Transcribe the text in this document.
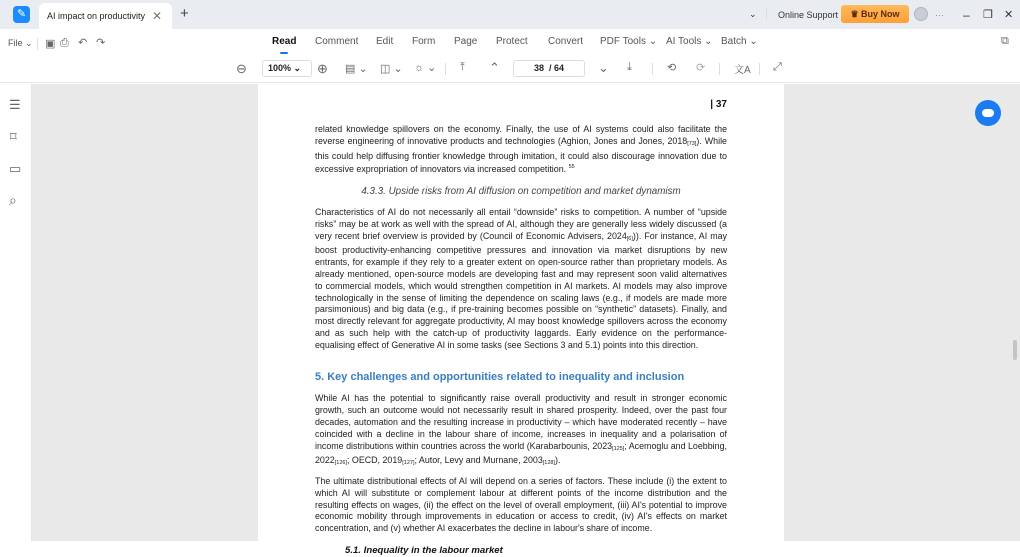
✎	AI impact on productivity ✕ +	⌄ Online Support	♛ Buy Now	··· – ❐ ✕
File ⌄ ▣ ⎙ ↶ ↷	Read Comment Edit Form Page Protect Convert PDF Tools ⌄ AI Tools ⌄ Batch ⌄	⧉
⊖	100% ⌄	⊕ ▤ ⌄ ◫ ⌄ ☼ ⌄ ⤒ ⌃	38 / 64	⌄ ⤓	⟲ ⟳	文A ⤢
☰
⌑
▭
⌕
| 37

related knowledge spillovers on the economy. Finally, the use of AI systems could also facilitate the reverse engineering of innovative products and technologies (Aghion, Jones and Jones, $2018_{[73]}$). While this could help diffusing frontier knowledge through imitation, it could also discourage innovation due to excessive expropriation of innovators via increased competition. $^{55}$

4.3.3. Upside risks from AI diffusion on competition and market dynamism

Characteristics of AI do not necessarily all entail “downside” risks to competition. A number of “upside risks” may be at work as well with the spread of AI, although they are generally less widely discussed (a very recent brief overview is provided by (Council of Economic Advisers, $2024_{[6]}$)). For instance, AI may boost productivity-enhancing competitive pressures and innovation via market disruptions by new entrants, for example if they rely to a greater extent on open-source rather than proprietary models. As already mentioned, open-source models are developing fast and may represent soon valid alternatives to commercial models, which would strengthen competition in AI markets. AI models may also improve technologically in the sense of limiting the dependence on scaling laws (e.g., if models are made more parsimonious) and big data (e.g., if pre-training becomes possible on “synthetic” datasets). Finally, and most directly relevant for aggregate productivity, AI may boost knowledge spillovers across the economy and as such help with the catch-up of productivity laggards. Early evidence on the performance-equalising effect of Generative AI in some tasks (see Sections 3 and 5.1) points into this direction.

5. Key challenges and opportunities related to inequality and inclusion

While AI has the potential to significantly raise overall productivity and result in stronger economic growth, such an outcome would not necessarily result in shared prosperity. Indeed, over the past four decades, automation and the resulting increase in productivity – which have moderated recently – have coincided with a decline in the labour share of income, increases in inequality and a polarisation of income distributions within countries across the world (Karabarbounis, $2023_{[125]}$; Acemoglu and Loebbing, $2022_{[126]}$; OECD, $2019_{[127]}$; Autor, Levy and Murnane, $2003_{[128]}$).

The ultimate distributional effects of AI will depend on a series of factors. These include (i) the extent to which AI will substitute or complement labour at different points of the income distribution and the resulting effects on wages, (ii) the effect on the level of overall employment, (iii) AI's potential to improve economic mobility through improvements in education or access to credit, (iv) AI's effects on market concentration, and (v) whether AI exacerbates the decline in labour's share of income.

5.1. Inequality in the labour market
